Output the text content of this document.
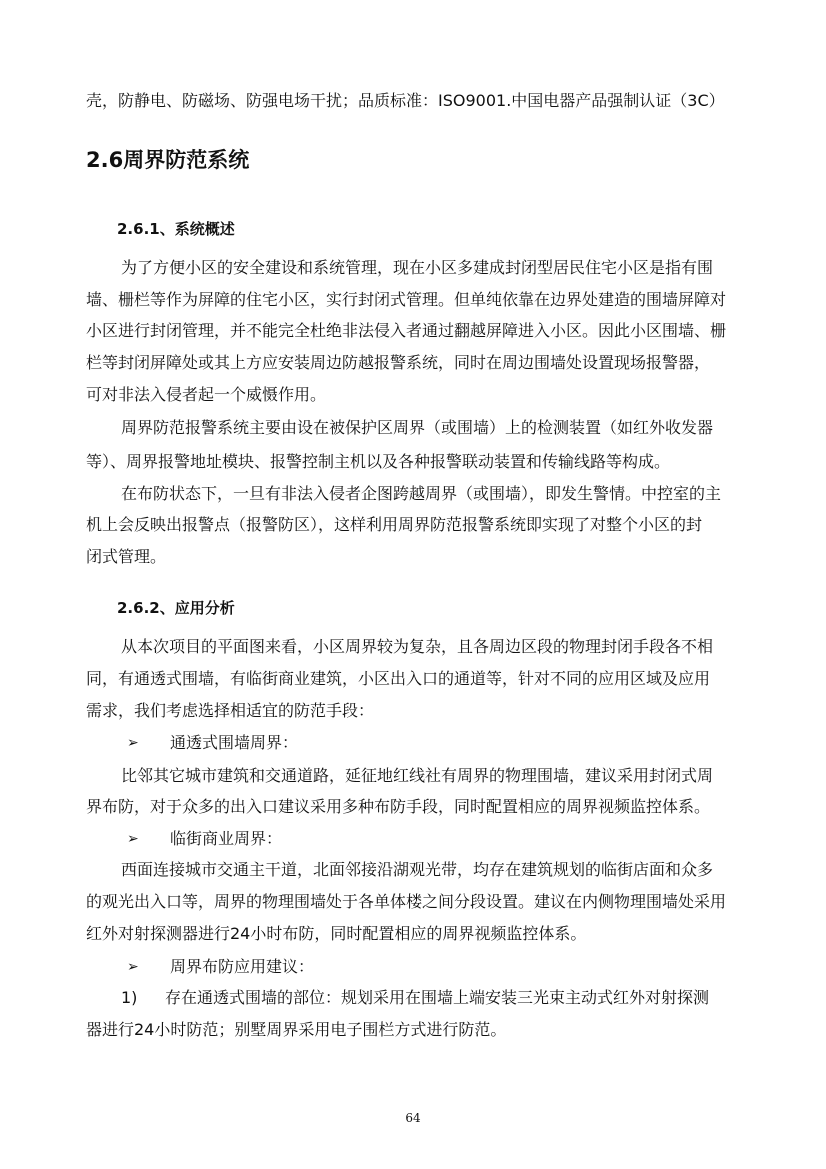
壳，防静电、防磁场、防强电场干扰；品质标准：ISO9001.中国电器产品强制认证（3C）
2.6周界防范系统
2.6.1、系统概述
为了方便小区的安全建设和系统管理，现在小区多建成封闭型居民住宅小区是指有围
墙、栅栏等作为屏障的住宅小区，实行封闭式管理。但单纯依靠在边界处建造的围墙屏障对
小区进行封闭管理，并不能完全杜绝非法侵入者通过翻越屏障进入小区。因此小区围墙、栅
栏等封闭屏障处或其上方应安装周边防越报警系统，同时在周边围墙处设置现场报警器，
可对非法入侵者起一个威慑作用。
周界防范报警系统主要由设在被保护区周界（或围墙）上的检测装置（如红外收发器
等）、周界报警地址模块、报警控制主机以及各种报警联动装置和传输线路等构成。
在布防状态下，一旦有非法入侵者企图跨越周界（或围墙），即发生警情。中控室的主
机上会反映出报警点（报警防区），这样利用周界防范报警系统即实现了对整个小区的封
闭式管理。
2.6.2、应用分析
从本次项目的平面图来看，小区周界较为复杂，且各周边区段的物理封闭手段各不相
同，有通透式围墙，有临街商业建筑，小区出入口的通道等，针对不同的应用区域及应用
需求，我们考虑选择相适宜的防范手段：
➢ 通透式围墙周界：
比邻其它城市建筑和交通道路，延征地红线社有周界的物理围墙，建议采用封闭式周
界布防，对于众多的出入口建议采用多种布防手段，同时配置相应的周界视频监控体系。
➢ 临街商业周界：
西面连接城市交通主干道，北面邻接沿湖观光带，均存在建筑规划的临街店面和众多
的观光出入口等，周界的物理围墙处于各单体楼之间分段设置。建议在内侧物理围墙处采用
红外对射探测器进行24小时布防，同时配置相应的周界视频监控体系。
➢ 周界布防应用建议：
1) 存在通透式围墙的部位：规划采用在围墙上端安装三光束主动式红外对射探测
器进行24小时防范；别墅周界采用电子围栏方式进行防范。
64
